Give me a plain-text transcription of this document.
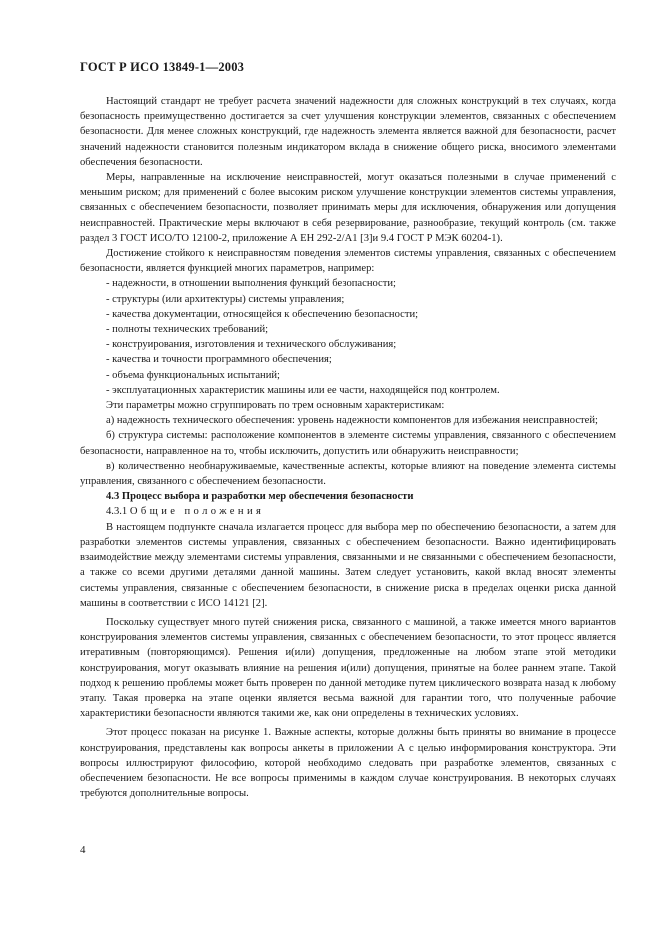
ГОСТ Р ИСО 13849-1—2003

Настоящий стандарт не требует расчета значений надежности для сложных конструкций в тех случаях, когда безопасность преимущественно достигается за счет улучшения конструкции элементов, связанных с обеспечением безопасности. Для менее сложных конструкций, где надежность элемента является важной для безопасности, расчет значений надежности становится полезным индикатором вклада в снижение общего риска, вносимого элементами обеспечения безопасности.

Меры, направленные на исключение неисправностей, могут оказаться полезными в случае применений с меньшим риском; для применений с более высоким риском улучшение конструкции элементов системы управления, связанных с обеспечением безопасности, позволяет принимать меры для исключения, обнаружения или допущения неисправностей. Практические меры включают в себя резервирование, разнообразие, текущий контроль (см. также раздел 3 ГОСТ ИСО/ТО 12100-2, приложение А ЕН 292-2/А1 [3]и 9.4 ГОСТ Р МЭК 60204-1).

Достижение стойкого к неисправностям поведения элементов системы управления, связанных с обеспечением безопасности, является функцией многих параметров, например:

- надежности, в отношении выполнения функций безопасности;

- структуры (или архитектуры) системы управления;

- качества документации, относящейся к обеспечению безопасности;

- полноты технических требований;

- конструирования, изготовления и технического обслуживания;

- качества и точности программного обеспечения;

- объема функциональных испытаний;

- эксплуатационных характеристик машины или ее части, находящейся под контролем.

Эти параметры можно сгруппировать по трем основным характеристикам:

а) надежность технического обеспечения: уровень надежности компонентов для избежания неисправностей;

б) структура системы: расположение компонентов в элементе системы управления, связанного с обеспечением безопасности, направленное на то, чтобы исключить, допустить или обнаружить неисправности;

в) количественно необнаруживаемые, качественные аспекты, которые влияют на поведение элемента системы управления, связанного с обеспечением безопасности.

4.3 Процесс выбора и разработки мер обеспечения безопасности

4.3.1 Общие положения

В настоящем подпункте сначала излагается процесс для выбора мер по обеспечению безопасности, а затем для разработки элементов системы управления, связанных с обеспечением безопасности. Важно идентифицировать взаимодействие между элементами системы управления, связанными и не связанными с обеспечением безопасности, а также со всеми другими деталями данной машины. Затем следует установить, какой вклад вносят элементы системы управления, связанные с обеспечением безопасности, в снижение риска в пределах оценки риска данной машины в соответствии с ИСО 14121 [2].

Поскольку существует много путей снижения риска, связанного с машиной, а также имеется много вариантов конструирования элементов системы управления, связанных с обеспечением безопасности, то этот процесс является итеративным (повторяющимся). Решения и(или) допущения, предложенные на любом этапе этой методики конструирования, могут оказывать влияние на решения и(или) допущения, принятые на более раннем этапе. Такой подход к решению проблемы может быть проверен по данной методике путем циклического возврата назад к любому этапу. Такая проверка на этапе оценки является весьма важной для гарантии того, что полученные рабочие характеристики безопасности являются такими же, как они определены в технических условиях.

Этот процесс показан на рисунке 1. Важные аспекты, которые должны быть приняты во внимание в процессе конструирования, представлены как вопросы анкеты в приложении А с целью информирования конструктора. Эти вопросы иллюстрируют философию, которой необходимо следовать при разработке элементов, связанных с обеспечением безопасности. Не все вопросы применимы в каждом случае конструирования. В некоторых случаях требуются дополнительные вопросы.

4
